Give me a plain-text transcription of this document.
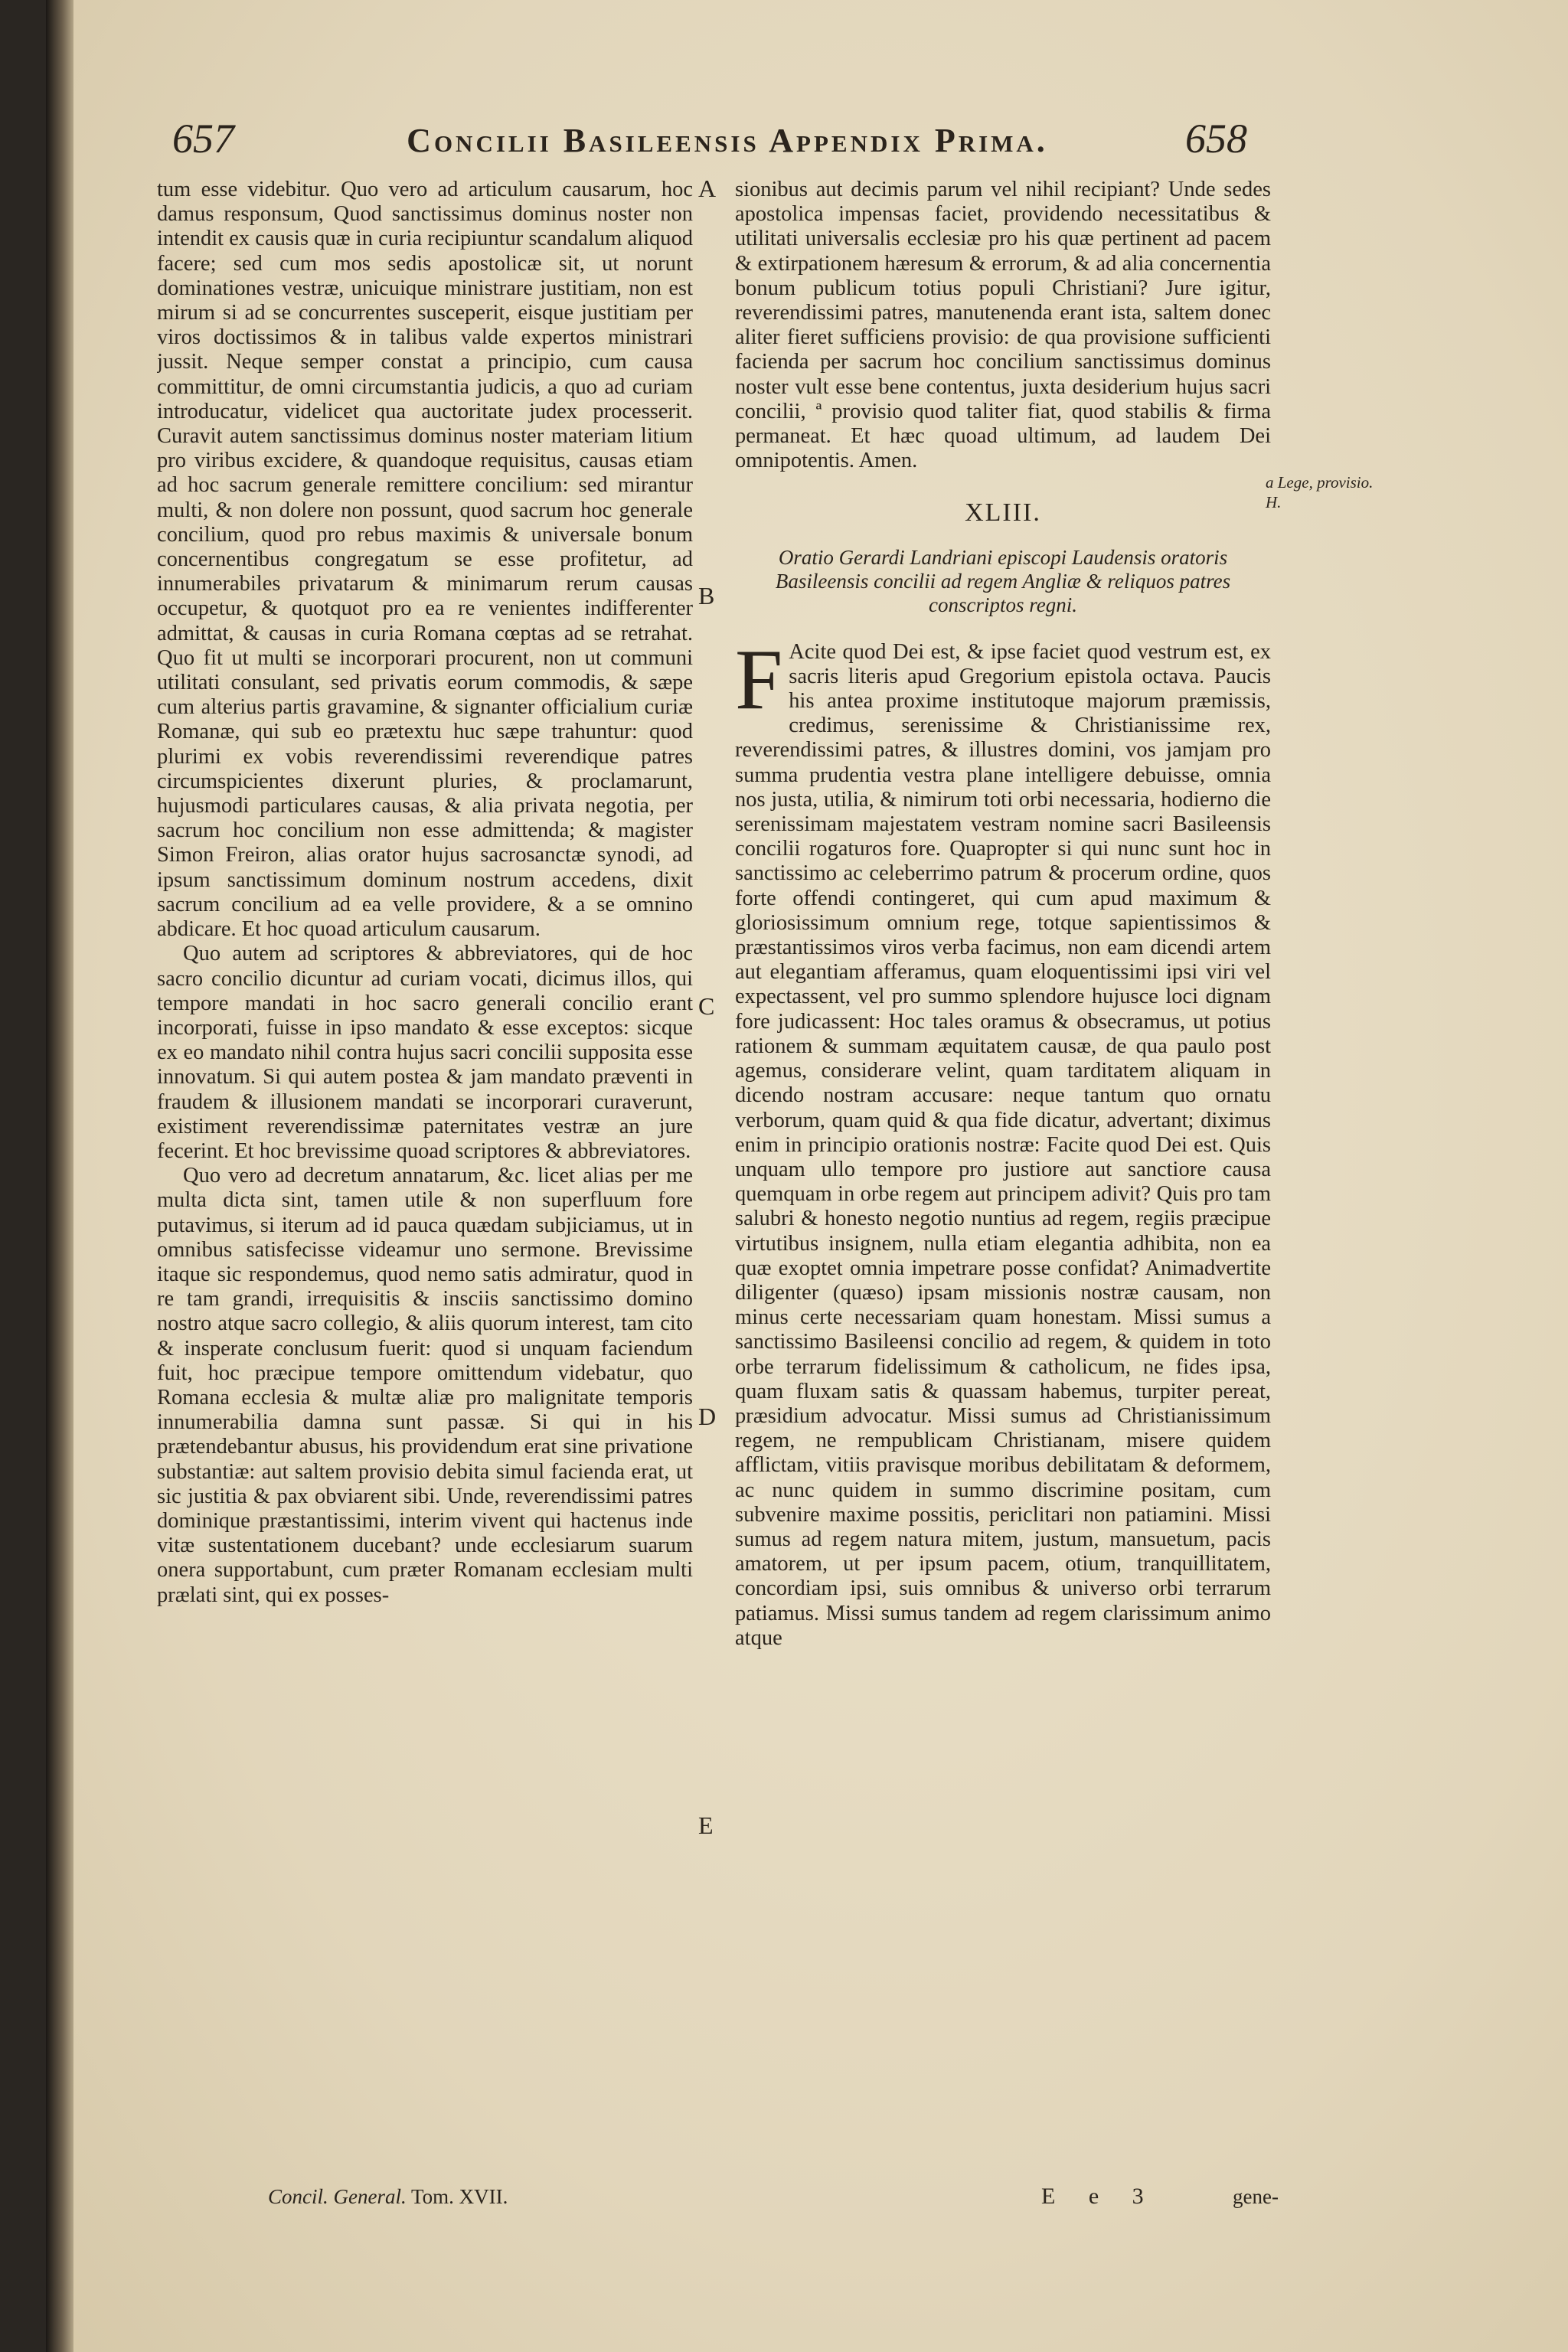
657	Concilii Basileensis Appendix Prima.	658

tum esse videbitur. Quo vero ad articulum causarum, hoc damus responsum, Quod sanctissimus dominus noster non intendit ex causis quæ in curia recipiuntur scandalum aliquod facere; sed cum mos sedis apostolicæ sit, ut norunt dominationes vestræ, unicuique ministrare justitiam, non est mirum si ad se concurrentes susceperit, eisque justitiam per viros doctissimos & in talibus valde expertos ministrari jussit. Neque semper constat a principio, cum causa committitur, de omni circumstantia judicis, a quo ad curiam introducatur, videlicet qua auctoritate judex processerit. Curavit autem sanctissimus dominus noster materiam litium pro viribus excidere, & quandoque requisitus, causas etiam ad hoc sacrum generale remittere concilium: sed mirantur multi, & non dolere non possunt, quod sacrum hoc generale concilium, quod pro rebus maximis & universale bonum concernentibus congregatum se esse profitetur, ad innumerabiles privatarum & minimarum rerum causas occupetur, & quotquot pro ea re venientes indifferenter admittat, & causas in curia Romana cœptas ad se retrahat. Quo fit ut multi se incorporari procurent, non ut communi utilitati consulant, sed privatis eorum commodis, & sæpe cum alterius partis gravamine, & signanter officialium curiæ Romanæ, qui sub eo prætextu huc sæpe trahuntur: quod plurimi ex vobis reverendissimi reverendique patres circumspicientes dixerunt pluries, & proclamarunt, hujusmodi particulares causas, & alia privata negotia, per sacrum hoc concilium non esse admittenda; & magister Simon Freiron, alias orator hujus sacrosanctæ synodi, ad ipsum sanctissimum dominum nostrum accedens, dixit sacrum concilium ad ea velle providere, & a se omnino abdicare. Et hoc quoad articulum causarum.

Quo autem ad scriptores & abbreviatores, qui de hoc sacro concilio dicuntur ad curiam vocati, dicimus illos, qui tempore mandati in hoc sacro generali concilio erant incorporati, fuisse in ipso mandato & esse exceptos: sicque ex eo mandato nihil contra hujus sacri concilii suppositа esse innovatum. Si qui autem postea & jam mandato præventi in fraudem & illusionem mandati se incorporari curaverunt, existiment reverendissimæ paternitates vestræ an jure fecerint. Et hoc brevissime quoad scriptores & abbreviatores.

Quo vero ad decretum annatarum, &c. licet alias per me multa dicta sint, tamen utile & non superfluum fore putavimus, si iterum ad id pauca quædam subjiciamus, ut in omnibus satisfecisse videamur uno sermone. Brevissime itaque sic respondemus, quod nemo satis admiratur, quod in re tam grandi, irrequisitis & insciis sanctissimo domino nostro atque sacro collegio, & aliis quorum interest, tam cito & insperate conclusum fuerit: quod si unquam faciendum fuit, hoc præcipue tempore omittendum videbatur, quo Romana ecclesia & multæ aliæ pro malignitate temporis innumerabilia damna sunt passæ. Si qui in his prætendebantur abusus, his providendum erat sine privatione substantiæ: aut saltem provisio debita simul facienda erat, ut sic justitia & pax obviarent sibi. Unde, reverendissimi patres dominique præstantissimi, interim vivent qui hactenus inde vitæ sustentationem ducebant? unde ecclesiarum suarum onera supportabunt, cum præter Romanam ecclesiam multi prælati sint, qui ex posses-

A
B
C
D
E

sionibus aut decimis parum vel nihil recipiant? Unde sedes apostolica impensas faciet, providendo necessitatibus & utilitati universalis ecclesiæ pro his quæ pertinent ad pacem & extirpationem hæresum & errorum, & ad alia concernentia bonum publicum totius populi Christiani? Jure igitur, reverendissimi patres, manutenenda erant ista, saltem donec aliter fieret sufficiens provisio: de qua provisione sufficienti facienda per sacrum hoc concilium sanctissimus dominus noster vult esse bene contentus, juxta desiderium hujus sacri concilii, ª provisio quod taliter fiat, quod stabilis & firma permaneat. Et hæc quoad ultimum, ad laudem Dei omnipotentis. Amen.

XLIII.
Oratio Gerardi Landriani episcopi Laudensis oratoris Basileensis concilii ad regem Angliæ & reliquos patres conscriptos regni.

F Acite quod Dei est, & ipse faciet quod vestrum est, ex sacris literis apud Gregorium epistola octava. Paucis his antea proxime institutoque majorum præmissis, credimus, serenissime & Christianissime rex, reverendissimi patres, & illustres domini, vos jamjam pro summa prudentia vestra plane intelligere debuisse, omnia nos justa, utilia, & nimirum toti orbi necessaria, hodierno die serenissimam majestatem vestram nomine sacri Basileensis concilii rogaturos fore. Quapropter si qui nunc sunt hoc in sanctissimo ac celeberrimo patrum & procerum ordine, quos forte offendi contingeret, qui cum apud maximum & gloriosissimum omnium rege, totque sapientissimos & præstantissimos viros verba facimus, non eam dicendi artem aut elegantiam afferamus, quam eloquentissimi ipsi viri vel expectassent, vel pro summo splendore hujusce loci dignam fore judicassent: Hoc tales oramus & obsecramus, ut potius rationem & summam æquitatem causæ, de qua paulo post agemus, considerare velint, quam tarditatem aliquam in dicendo nostram accusare: neque tantum quo ornatu verborum, quam quid & qua fide dicatur, advertant; diximus enim in principio orationis nostræ: Facite quod Dei est. Quis unquam ullo tempore pro justiore aut sanctiore causa quemquam in orbe regem aut principem adivit? Quis pro tam salubri & honesto negotio nuntius ad regem, regiis præcipue virtutibus insignem, nulla etiam elegantia adhibita, non ea quæ exoptet omnia impetrare posse confidat? Animadvertite diligenter (quæso) ipsam missionis nostræ causam, non minus certe necessariam quam honestam. Missi sumus a sanctissimo Basileensi concilio ad regem, & quidem in toto orbe terrarum fidelissimum & catholicum, ne fides ipsa, quam fluxam satis & quassam habemus, turpiter pereat, præsidium advocatur. Missi sumus ad Christianissimum regem, ne rempublicam Christianam, misere quidem afflictam, vitiis pravisque moribus debilitatam & deformem, ac nunc quidem in summo discrimine positam, cum subvenire maxime possitis, periclitari non patiamini. Missi sumus ad regem natura mitem, justum, mansuetum, pacis amatorem, ut per ipsum pacem, otium, tranquillitatem, concordiam ipsi, suis omnibus & universo orbi terrarum patiamus. Missi sumus tandem ad regem clarissimum animo atque

a Lege, provisio. H.
Concil. General. Tom. XVII.	E e 3	gene-
